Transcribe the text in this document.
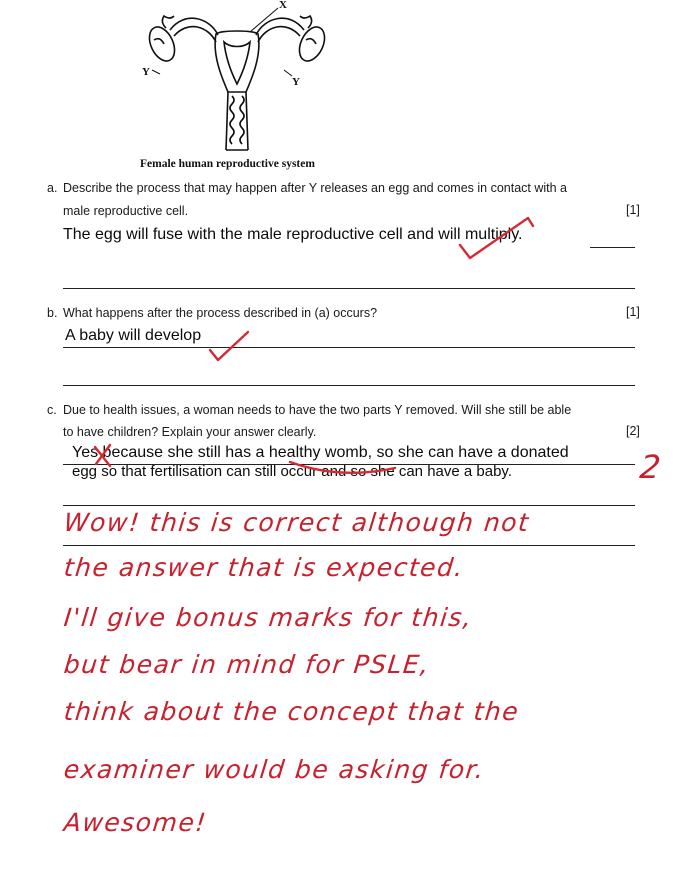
X
Y
Y
Female human reproductive system
a. Describe the process that may happen after Y releases an egg and comes in contact with a
male reproductive cell.	[1]
The egg will fuse with the male reproductive cell and will multiply.
b. What happens after the process described in (a) occurs?	[1]
A baby will develop
c. Due to health issues, a woman needs to have the two parts Y removed. Will she still be able
to have children? Explain your answer clearly.	[2]
Yes because she still has a healthy womb, so she can have a donated
egg so that fertilisation can still occur and so she can have a baby.	2
Wow! this is correct although not
the answer that is expected.
I'll give bonus marks for this,
but bear in mind for PSLE,
think about the concept that the
examiner would be asking for.
Awesome!
